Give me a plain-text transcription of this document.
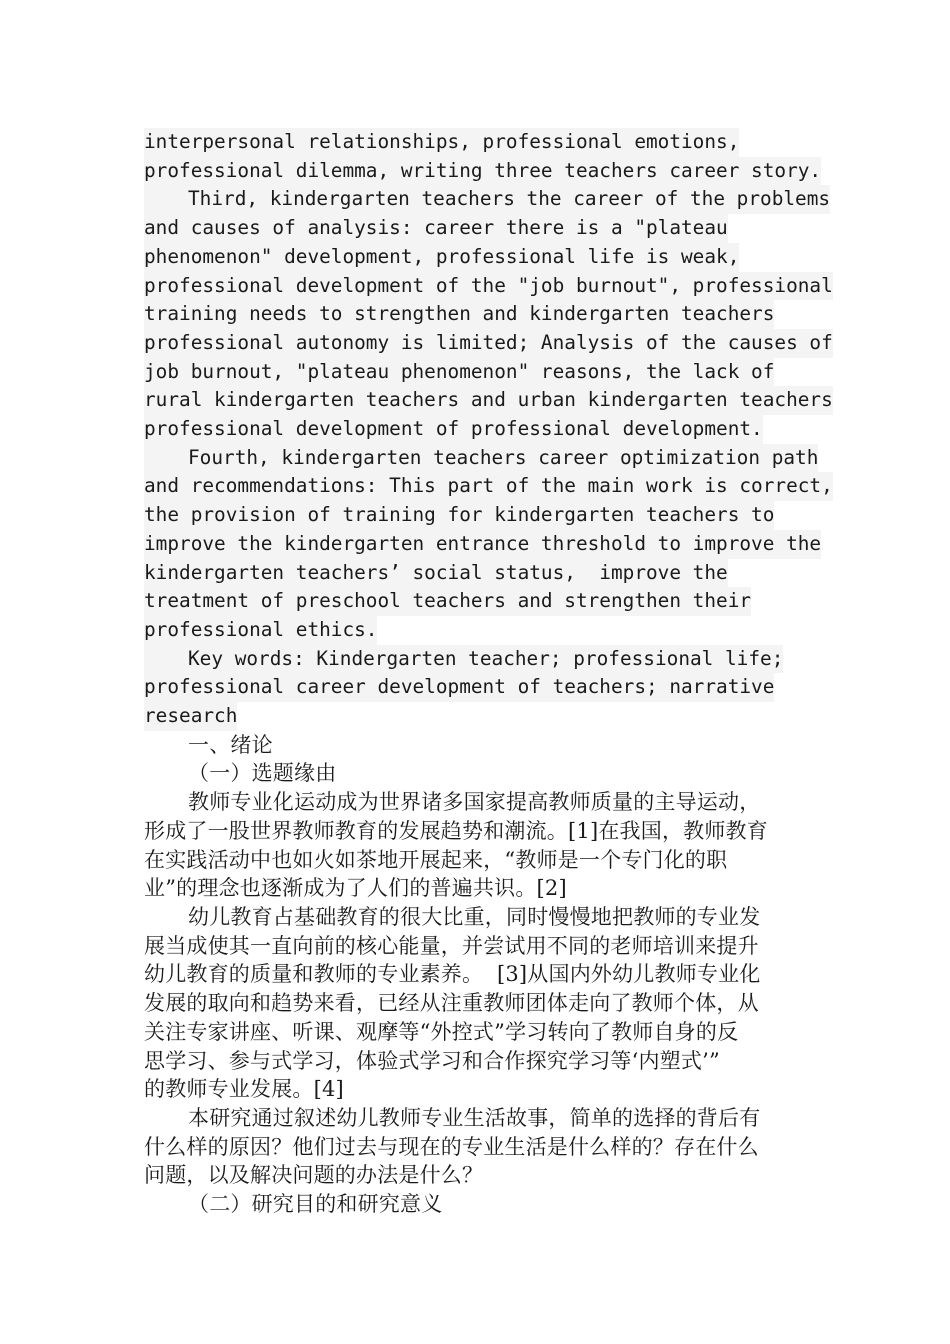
interpersonal relationships, professional emotions,
professional dilemma, writing three teachers career story.
Third, kindergarten teachers the career of the problems
and causes of analysis: career there is a "plateau
phenomenon" development, professional life is weak,
professional development of the "job burnout", professional
training needs to strengthen and kindergarten teachers
professional autonomy is limited; Analysis of the causes of
job burnout, "plateau phenomenon" reasons, the lack of
rural kindergarten teachers and urban kindergarten teachers
professional development of professional development.
Fourth, kindergarten teachers career optimization path
and recommendations: This part of the main work is correct,
the provision of training for kindergarten teachers to
improve the kindergarten entrance threshold to improve the
kindergarten teachers’ social status,  improve the
treatment of preschool teachers and strengthen their
professional ethics.
Key words: Kindergarten teacher; professional life;
professional career development of teachers; narrative
research
一、绪论
（一）选题缘由
教师专业化运动成为世界诸多国家提高教师质量的主导运动，
形成了一股世界教师教育的发展趋势和潮流。[1]在我国，教师教育
在实践活动中也如火如茶地开展起来，“教师是一个专门化的职
业”的理念也逐渐成为了人们的普遍共识。[2]
幼儿教育占基础教育的很大比重，同时慢慢地把教师的专业发
展当成使其一直向前的核心能量，并尝试用不同的老师培训来提升
幼儿教育的质量和教师的专业素养。  [3]从国内外幼儿教师专业化
发展的取向和趋势来看，已经从注重教师团体走向了教师个体，从
关注专家讲座、听课、观摩等“外控式”学习转向了教师自身的反
思学习、参与式学习，体验式学习和合作探究学习等‘内塑式’”
的教师专业发展。[4]
本研究通过叙述幼儿教师专业生活故事，简单的选择的背后有
什么样的原因？他们过去与现在的专业生活是什么样的？存在什么
问题，以及解决问题的办法是什么？
（二）研究目的和研究意义
